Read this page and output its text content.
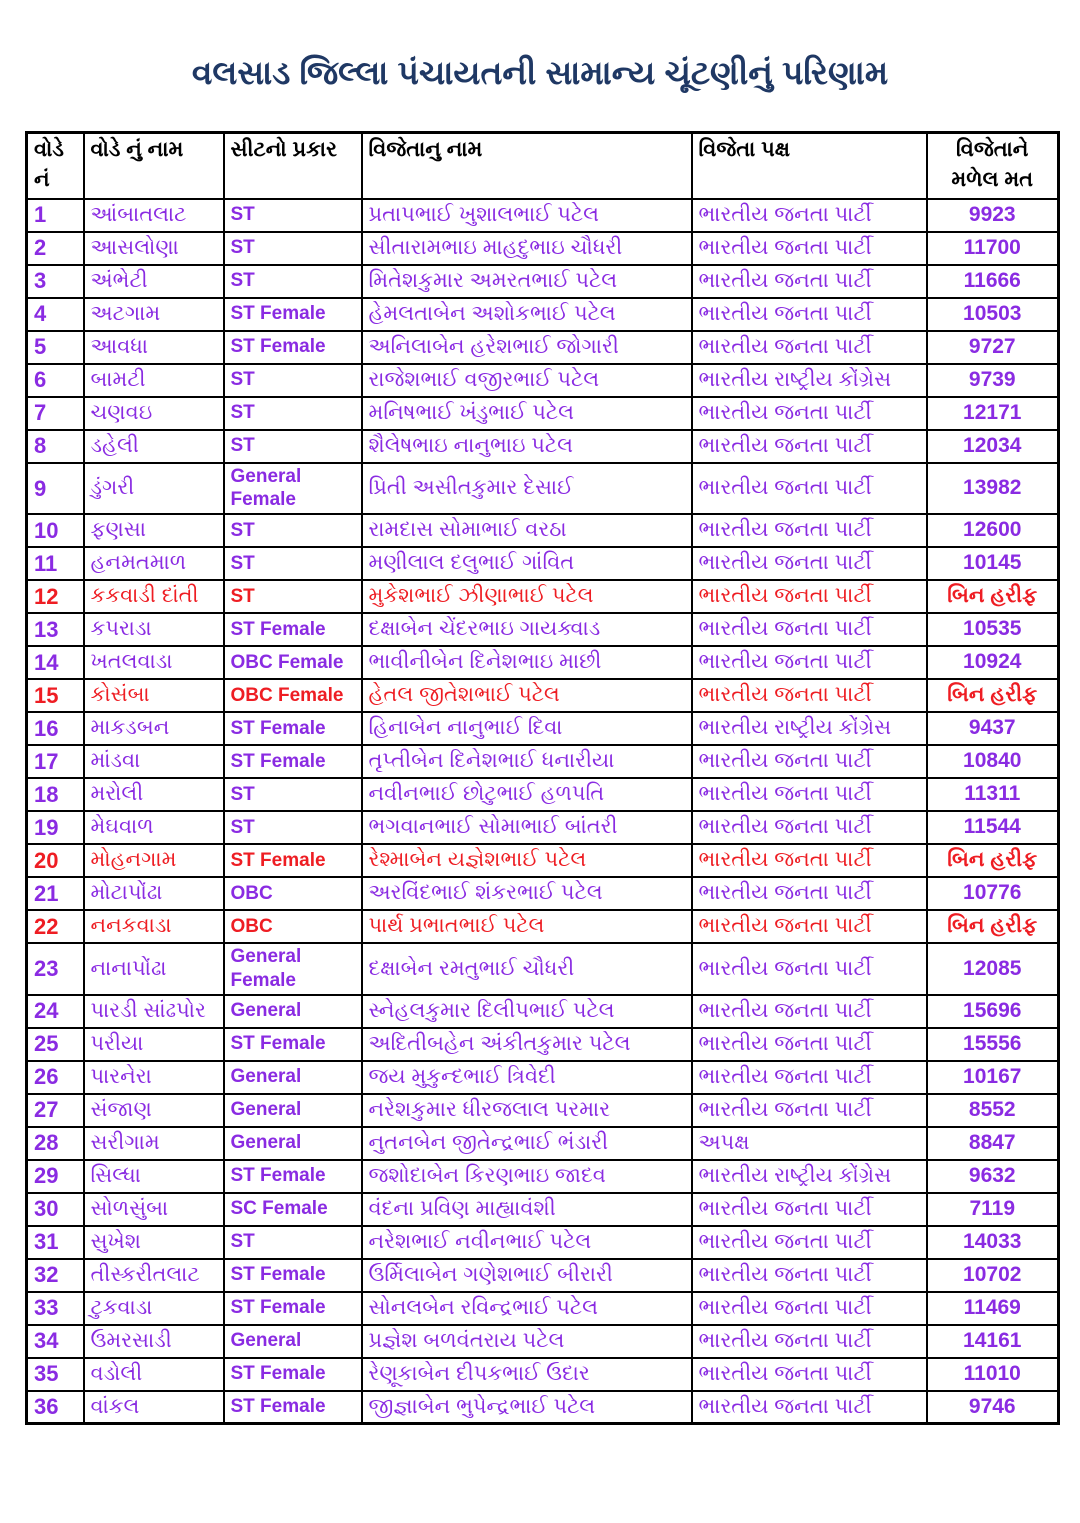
વલસાડ જિલ્લા પંચાયતની સામાન્ય ચૂંટણીનું પરિણામ
વોડે નં	વોડે નું નામ	સીટનો પ્રકાર	વિજેતાનુ નામ	વિજેતા પક્ષ	વિજેતાને મળેલ મત
1	આંબાતલાટ	ST	પ્રતાપભાઈ ખુશાલભાઈ પટેલ	ભારતીય જનતા પાર્ટી	9923
2	આસલોણા	ST	સીતારામભાઇ માહદુભાઇ ચૌધરી	ભારતીય જનતા પાર્ટી	11700
3	અંભેટી	ST	મિતેશકુમાર અમરતભાઈ પટેલ	ભારતીય જનતા પાર્ટી	11666
4	અટગામ	ST Female	હેમલતાબેન અશોકભાઈ પટેલ	ભારતીય જનતા પાર્ટી	10503
5	આવધા	ST Female	અનિલાબેન હરેશભાઈ જોગારી	ભારતીય જનતા પાર્ટી	9727
6	બામટી	ST	રાજેશભાઈ વજીરભાઈ પટેલ	ભારતીય રાષ્ટ્રીય કોંગ્રેસ	9739
7	ચણવઇ	ST	મનિષભાઈ ખંડુભાઈ પટેલ	ભારતીય જનતા પાર્ટી	12171
8	ડહેલી	ST	શૈલેષભાઇ નાનુભાઇ પટેલ	ભારતીય જનતા પાર્ટી	12034
9	ડુંગરી	General Female	પ્રિતી અસીતકુમાર દેસાઈ	ભારતીય જનતા પાર્ટી	13982
10	ફણસા	ST	રામદાસ સોમાભાઈ વરઠા	ભારતીય જનતા પાર્ટી	12600
11	હનમતમાળ	ST	મણીલાલ દલુભાઈ ગાંવિત	ભારતીય જનતા પાર્ટી	10145
12	કકવાડી દાંતી	ST	મુકેશભાઈ ઝીણાભાઈ પટેલ	ભારતીય જનતા પાર્ટી	બિન હરીફ
13	કપરાડા	ST Female	દક્ષાબેન ચેંદરભાઇ ગાયક્વાડ	ભારતીય જનતા પાર્ટી	10535
14	ખતલવાડા	OBC Female	ભાવીનીબેન દિનેશભાઇ માછી	ભારતીય જનતા પાર્ટી	10924
15	કોસંબા	OBC Female	હેતલ જીતેશભાઈ પટેલ	ભારતીય જનતા પાર્ટી	બિન હરીફ
16	માકડબન	ST Female	હિનાબેન નાનુભાઈ દિવા	ભારતીય રાષ્ટ્રીય કોંગ્રેસ	9437
17	માંડવા	ST Female	તૃપ્તીબેન દિનેશભાઈ ધનારીયા	ભારતીય જનતા પાર્ટી	10840
18	મરોલી	ST	નવીનભાઈ છોટુભાઈ હળપતિ	ભારતીય જનતા પાર્ટી	11311
19	મેઘવાળ	ST	ભગવાનભાઈ સોમાભાઈ બાંતરી	ભારતીય જનતા પાર્ટી	11544
20	મોહનગામ	ST Female	રેશ્માબેન યજ્ઞેશભાઈ પટેલ	ભારતીય જનતા પાર્ટી	બિન હરીફ
21	મોટાપોંઢા	OBC	અરવિંદભાઈ શંકરભાઈ પટેલ	ભારતીય જનતા પાર્ટી	10776
22	નનકવાડા	OBC	પાર્થ પ્રભાતભાઈ પટેલ	ભારતીય જનતા પાર્ટી	બિન હરીફ
23	નાનાપોંઢા	General Female	દક્ષાબેન રમતુભાઈ ચૌધરી	ભારતીય જનતા પાર્ટી	12085
24	પારડી સાંઢપોર	General	સ્નેહલકુમાર દિલીપભાઈ પટેલ	ભારતીય જનતા પાર્ટી	15696
25	પરીયા	ST Female	અદિતીબહેન અંકીતકુમાર પટેલ	ભારતીય જનતા પાર્ટી	15556
26	પારનેરા	General	જય મુકુન્દભાઈ ત્રિવેદી	ભારતીય જનતા પાર્ટી	10167
27	સંજાણ	General	નરેશકુમાર ધીરજલાલ પરમાર	ભારતીય જનતા પાર્ટી	8552
28	સરીગામ	General	નુતનબેન જીતેન્દ્રભાઈ ભંડારી	અપક્ષ	8847
29	સિલ્ધા	ST Female	જશોદાબેન કિરણભાઇ જાદવ	ભારતીય રાષ્ટ્રીય કોંગ્રેસ	9632
30	સોળસુંબા	SC Female	વંદના પ્રવિણ માહ્યાવંશી	ભારતીય જનતા પાર્ટી	7119
31	સુખેશ	ST	નરેશભાઈ નવીનભાઈ પટેલ	ભારતીય જનતા પાર્ટી	14033
32	તીસ્કરીતલાટ	ST Female	ઉર્મિલાબેન ગણેશભાઈ બીરારી	ભારતીય જનતા પાર્ટી	10702
33	ટુકવાડા	ST Female	સોનલબેન રવિન્દ્રભાઈ પટેલ	ભારતીય જનતા પાર્ટી	11469
34	ઉમરસાડી	General	પ્રજ્ઞેશ બળવંતરાય પટેલ	ભારતીય જનતા પાર્ટી	14161
35	વડોલી	ST Female	રેણૂકાબેન દીપકભાઈ ઉદાર	ભારતીય જનતા પાર્ટી	11010
36	વાંકલ	ST Female	જીજ્ઞાબેન ભુપેન્દ્રભાઈ પટેલ	ભારતીય જનતા પાર્ટી	9746
